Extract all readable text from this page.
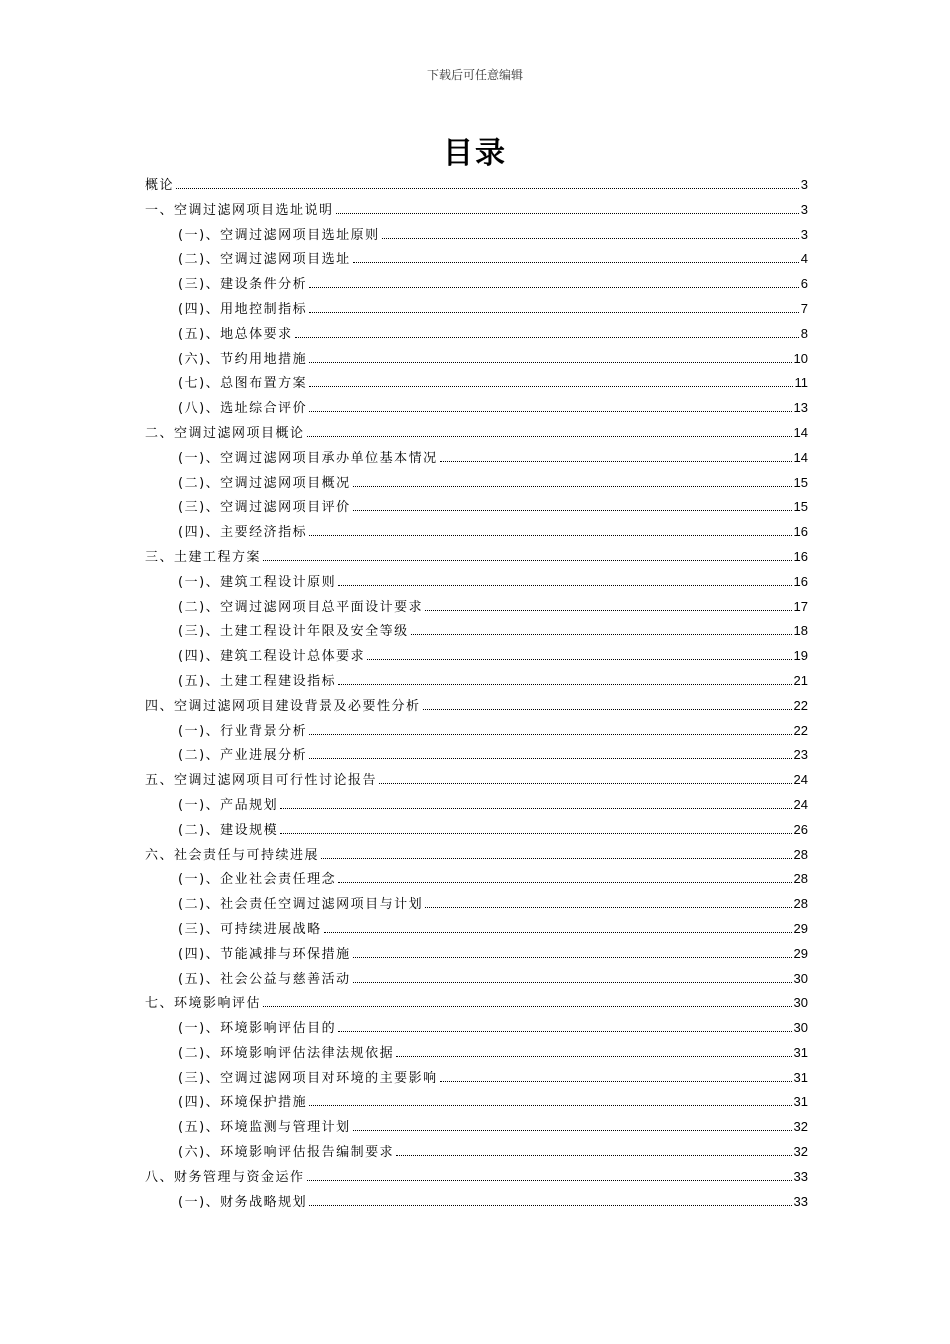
下载后可任意编辑
目录
概论	3
一、空调过滤网项目选址说明	3
(一)、空调过滤网项目选址原则	3
(二)、空调过滤网项目选址	4
(三)、建设条件分析	6
(四)、用地控制指标	7
(五)、地总体要求	8
(六)、节约用地措施	10
(七)、总图布置方案	11
(八)、选址综合评价	13
二、空调过滤网项目概论	14
(一)、空调过滤网项目承办单位基本情况	14
(二)、空调过滤网项目概况	15
(三)、空调过滤网项目评价	15
(四)、主要经济指标	16
三、土建工程方案	16
(一)、建筑工程设计原则	16
(二)、空调过滤网项目总平面设计要求	17
(三)、土建工程设计年限及安全等级	18
(四)、建筑工程设计总体要求	19
(五)、土建工程建设指标	21
四、空调过滤网项目建设背景及必要性分析	22
(一)、行业背景分析	22
(二)、产业进展分析	23
五、空调过滤网项目可行性讨论报告	24
(一)、产品规划	24
(二)、建设规模	26
六、社会责任与可持续进展	28
(一)、企业社会责任理念	28
(二)、社会责任空调过滤网项目与计划	28
(三)、可持续进展战略	29
(四)、节能减排与环保措施	29
(五)、社会公益与慈善活动	30
七、环境影响评估	30
(一)、环境影响评估目的	30
(二)、环境影响评估法律法规依据	31
(三)、空调过滤网项目对环境的主要影响	31
(四)、环境保护措施	31
(五)、环境监测与管理计划	32
(六)、环境影响评估报告编制要求	32
八、财务管理与资金运作	33
(一)、财务战略规划	33
